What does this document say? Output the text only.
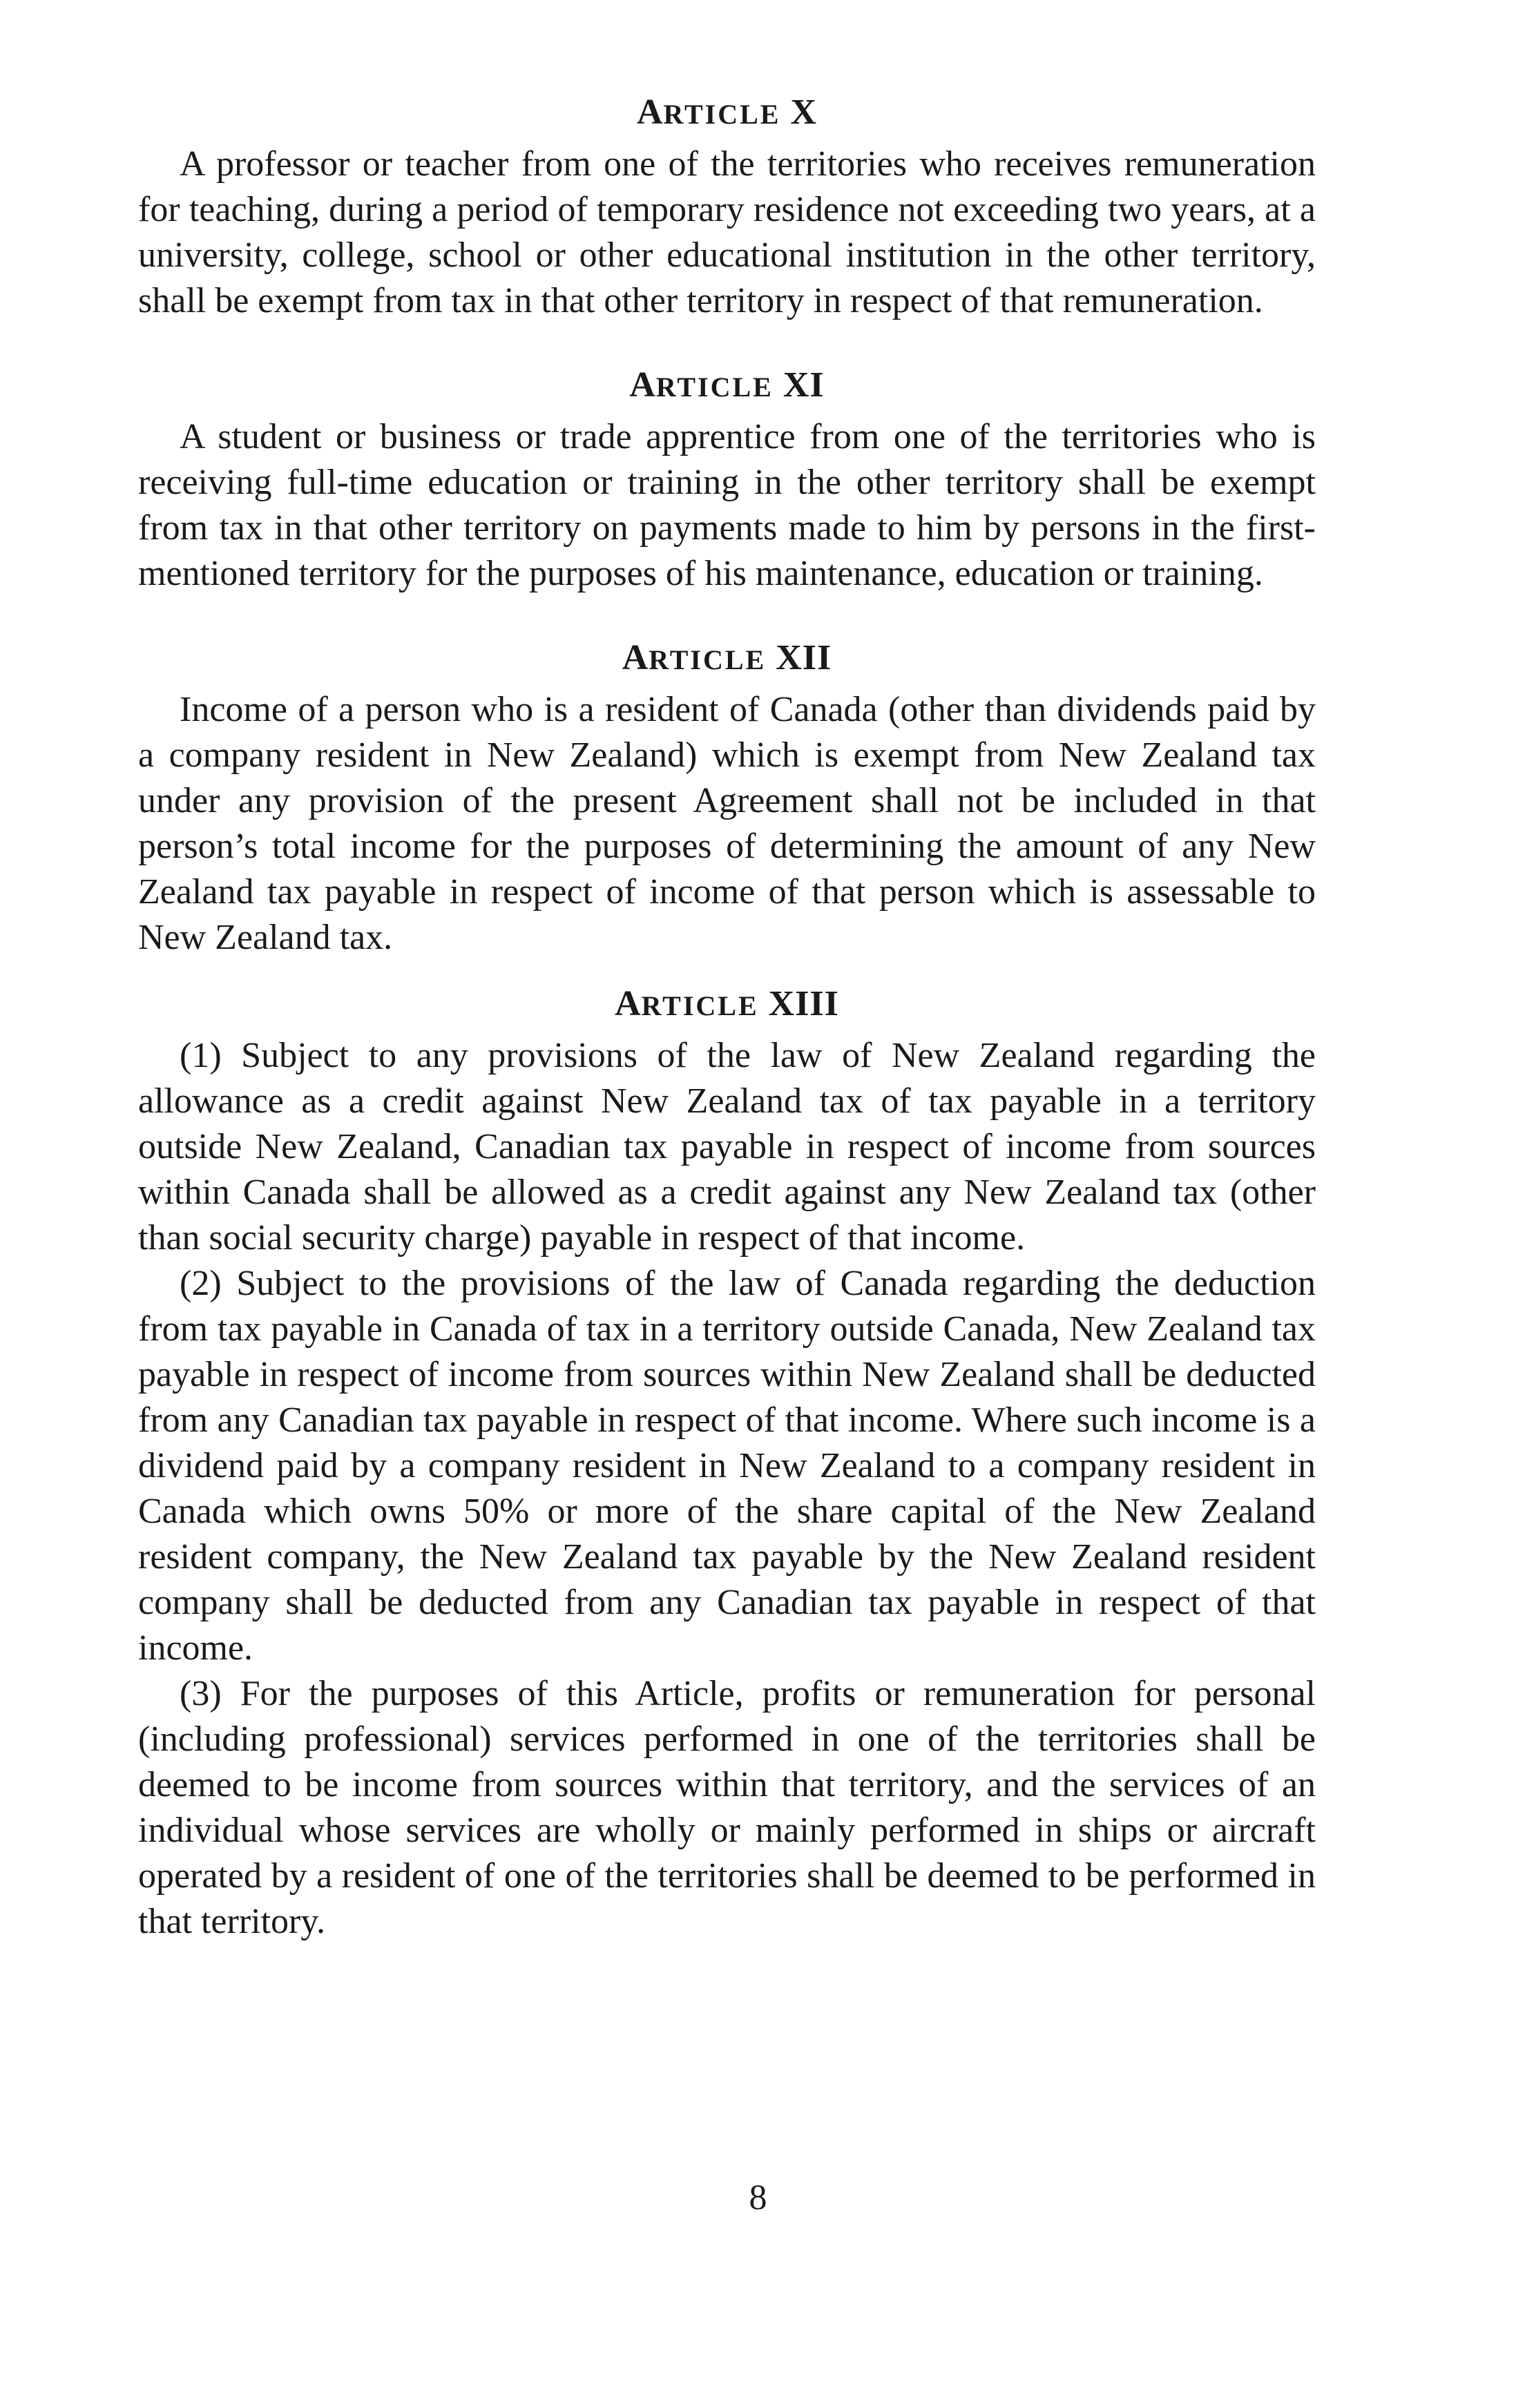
ARTICLE X

A professor or teacher from one of the territories who receives remuneration for teaching, during a period of temporary residence not exceeding two years, at a university, college, school or other educational institution in the other territory, shall be exempt from tax in that other territory in respect of that remuneration.

ARTICLE XI

A student or business or trade apprentice from one of the territories who is receiving full-time education or training in the other territory shall be exempt from tax in that other territory on payments made to him by persons in the first-mentioned territory for the purposes of his maintenance, education or training.

ARTICLE XII

Income of a person who is a resident of Canada (other than dividends paid by a company resident in New Zealand) which is exempt from New Zealand tax under any provision of the present Agreement shall not be included in that person’s total income for the purposes of determining the amount of any New Zealand tax payable in respect of income of that person which is assessable to New Zealand tax.

ARTICLE XIII

(1) Subject to any provisions of the law of New Zealand regarding the allowance as a credit against New Zealand tax of tax payable in a territory outside New Zealand, Canadian tax payable in respect of income from sources within Canada shall be allowed as a credit against any New Zealand tax (other than social security charge) payable in respect of that income.

(2) Subject to the provisions of the law of Canada regarding the deduction from tax payable in Canada of tax in a territory outside Canada, New Zealand tax payable in respect of income from sources within New Zealand shall be deducted from any Canadian tax payable in respect of that income. Where such income is a dividend paid by a company resident in New Zealand to a company resident in Canada which owns 50% or more of the share capital of the New Zealand resident company, the New Zealand tax payable by the New Zealand resident company shall be deducted from any Canadian tax payable in respect of that income.

(3) For the purposes of this Article, profits or remuneration for personal (including professional) services performed in one of the territories shall be deemed to be income from sources within that territory, and the services of an individual whose services are wholly or mainly performed in ships or aircraft operated by a resident of one of the territories shall be deemed to be performed in that territory.

8
